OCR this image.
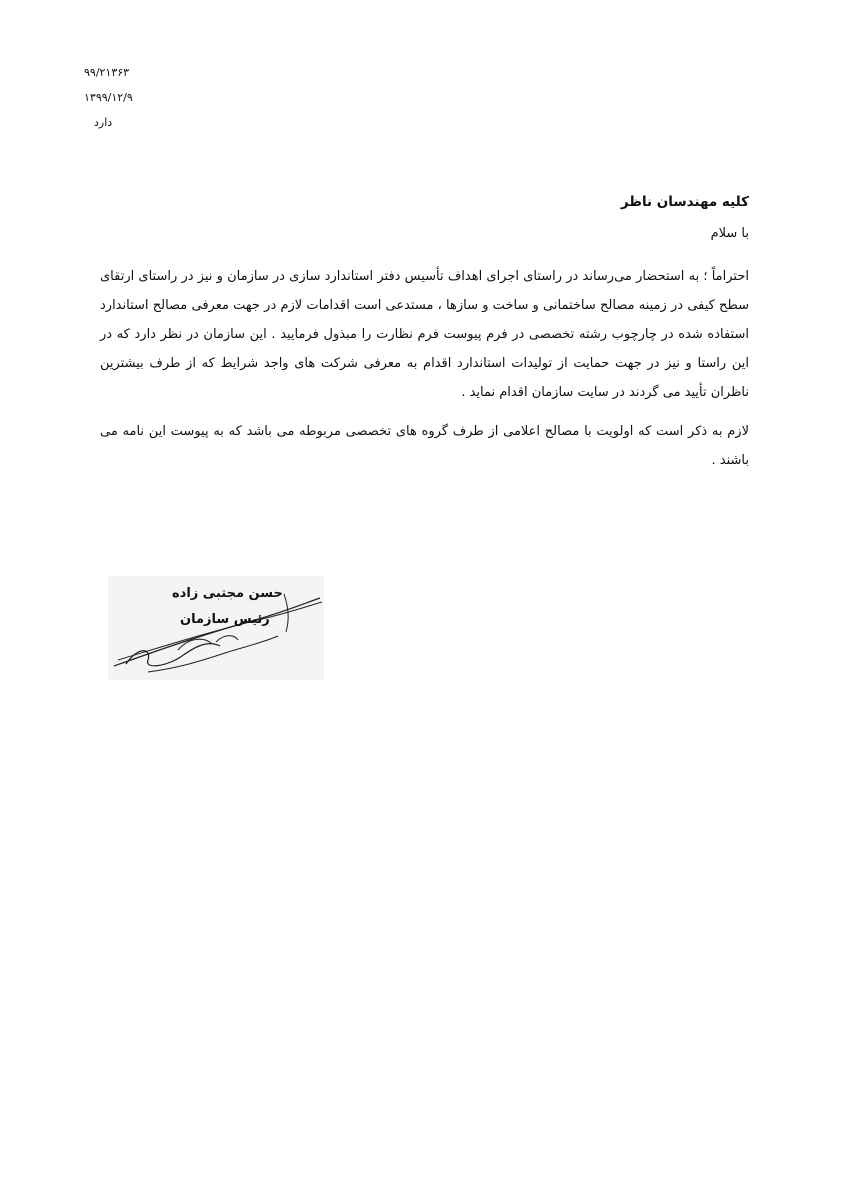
۹۹/۲۱۳۶۳
۱۳۹۹/۱۲/۹
دارد

کلیه مهندسان ناظر

با سلام

احتراماً ؛ به استحضار می‌رساند در راستای اجرای اهداف تأسیس دفتر استاندارد سازی در سازمان و نیز در راستای ارتقای سطح کیفی در زمینه مصالح ساختمانی و ساخت و سازها ، مستدعی است اقدامات لازم در جهت معرفی مصالح استاندارد استفاده شده در چارچوب رشته تخصصی در فرم پیوست فرم نظارت را مبذول فرمایید . این سازمان در نظر دارد که در این راستا و نیز در جهت حمایت از تولیدات استاندارد اقدام به معرفی شرکت های واجد شرایط که از طرف بیشترین ناظران تأیید می گردند در سایت سازمان اقدام نماید .

لازم به ذکر است که اولویت با مصالح اعلامی از طرف گروه های تخصصی مربوطه می باشد که به پیوست این نامه می باشند .

حسن مجتبی زاده
رئیس سازمان
